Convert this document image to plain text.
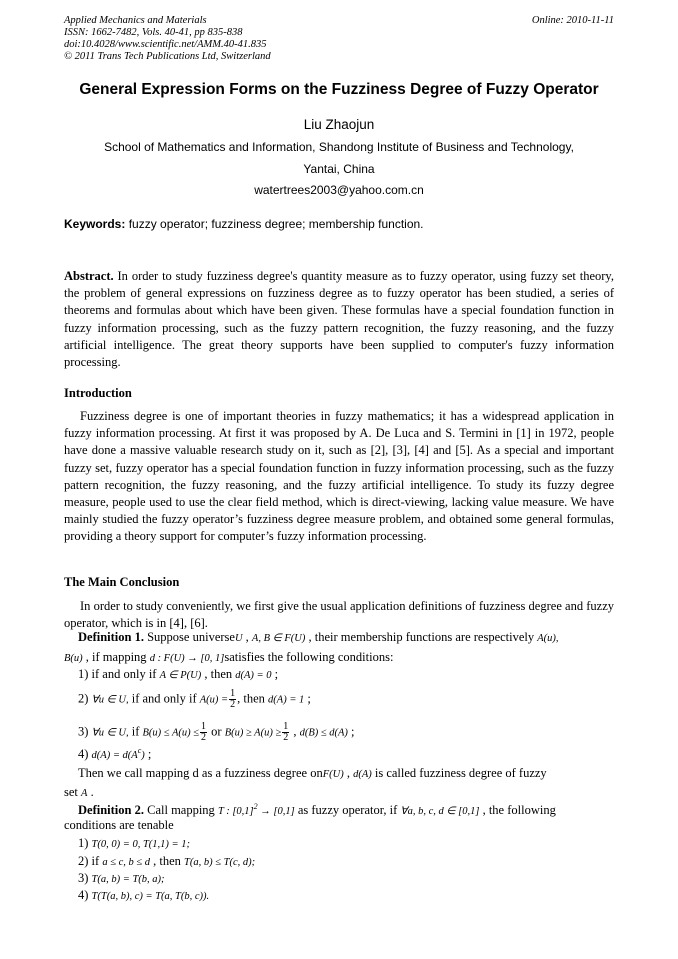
Applied Mechanics and Materials
ISSN: 1662-7482, Vols. 40-41, pp 835-838
doi:10.4028/www.scientific.net/AMM.40-41.835
© 2011 Trans Tech Publications Ltd, Switzerland
Online: 2010-11-11
General Expression Forms on the Fuzziness Degree of Fuzzy Operator
Liu Zhaojun
School of Mathematics and Information, Shandong Institute of Business and Technology,
Yantai, China
watertrees2003@yahoo.com.cn
Keywords: fuzzy operator; fuzziness degree; membership function.
Abstract. In order to study fuzziness degree's quantity measure as to fuzzy operator, using fuzzy set theory, the problem of general expressions on fuzziness degree as to fuzzy operator has been studied, a series of theorems and formulas about which have been given. These formulas have a special foundation function in fuzzy information processing, such as the fuzzy pattern recognition, the fuzzy reasoning, and the fuzzy artificial intelligence. The great theory supports have been supplied to computer's fuzzy information processing.
Introduction
Fuzziness degree is one of important theories in fuzzy mathematics; it has a widespread application in fuzzy information processing. At first it was proposed by A. De Luca and S. Termini in [1] in 1972, people have done a massive valuable research study on it, such as [2], [3], [4] and [5]. As a special and important fuzzy set, fuzzy operator has a special foundation function in fuzzy information processing, such as the fuzzy pattern recognition, the fuzzy reasoning, and the fuzzy artificial intelligence. To study its fuzzy degree measure, people used to use the clear field method, which is direct-viewing, lacking value measure. We have mainly studied the fuzzy operator’s fuzziness degree measure problem, and obtained some general formulas, providing a theory support for computer’s fuzzy information processing.
The Main Conclusion
In order to study conveniently, we first give the usual application definitions of fuzziness degree and fuzzy operator, which is in [4], [6].
Definition 1. Suppose universeU , A, B ∈ F(U) , their membership functions are respectively A(u),
B(u) , if mapping d : F(U) → [0, 1]satisfies the following conditions:
1) if and only if A ∈ P(U) , then d(A) = 0 ;
2) ∀u ∈ U, if and only if $A(u) = \frac{1}{2}$ , then d(A) = 1 ;
3) ∀u ∈ U, if $B(u) \le A(u) \le \frac{1}{2}$ or $B(u) \ge A(u) \ge \frac{1}{2}$ , d(B) ≤ d(A) ;
4) $d(A) = d(A^c)$ ;
Then we call mapping d as a fuzziness degree onF(U) , d(A) is called fuzziness degree of fuzzy
set A .
Definition 2. Call mapping T : $[0,1]^2 \to [0,1]$ as fuzzy operator, if ∀a, b, c, d ∈ [0,1] , the following
conditions are tenable
1) T(0, 0) = 0, T(1,1) = 1;
2) if a ≤ c, b ≤ d , then T(a, b) ≤ T(c, d);
3) T(a, b) = T(b, a);
4) T(T(a, b), c) = T(a, T(b, c)).
